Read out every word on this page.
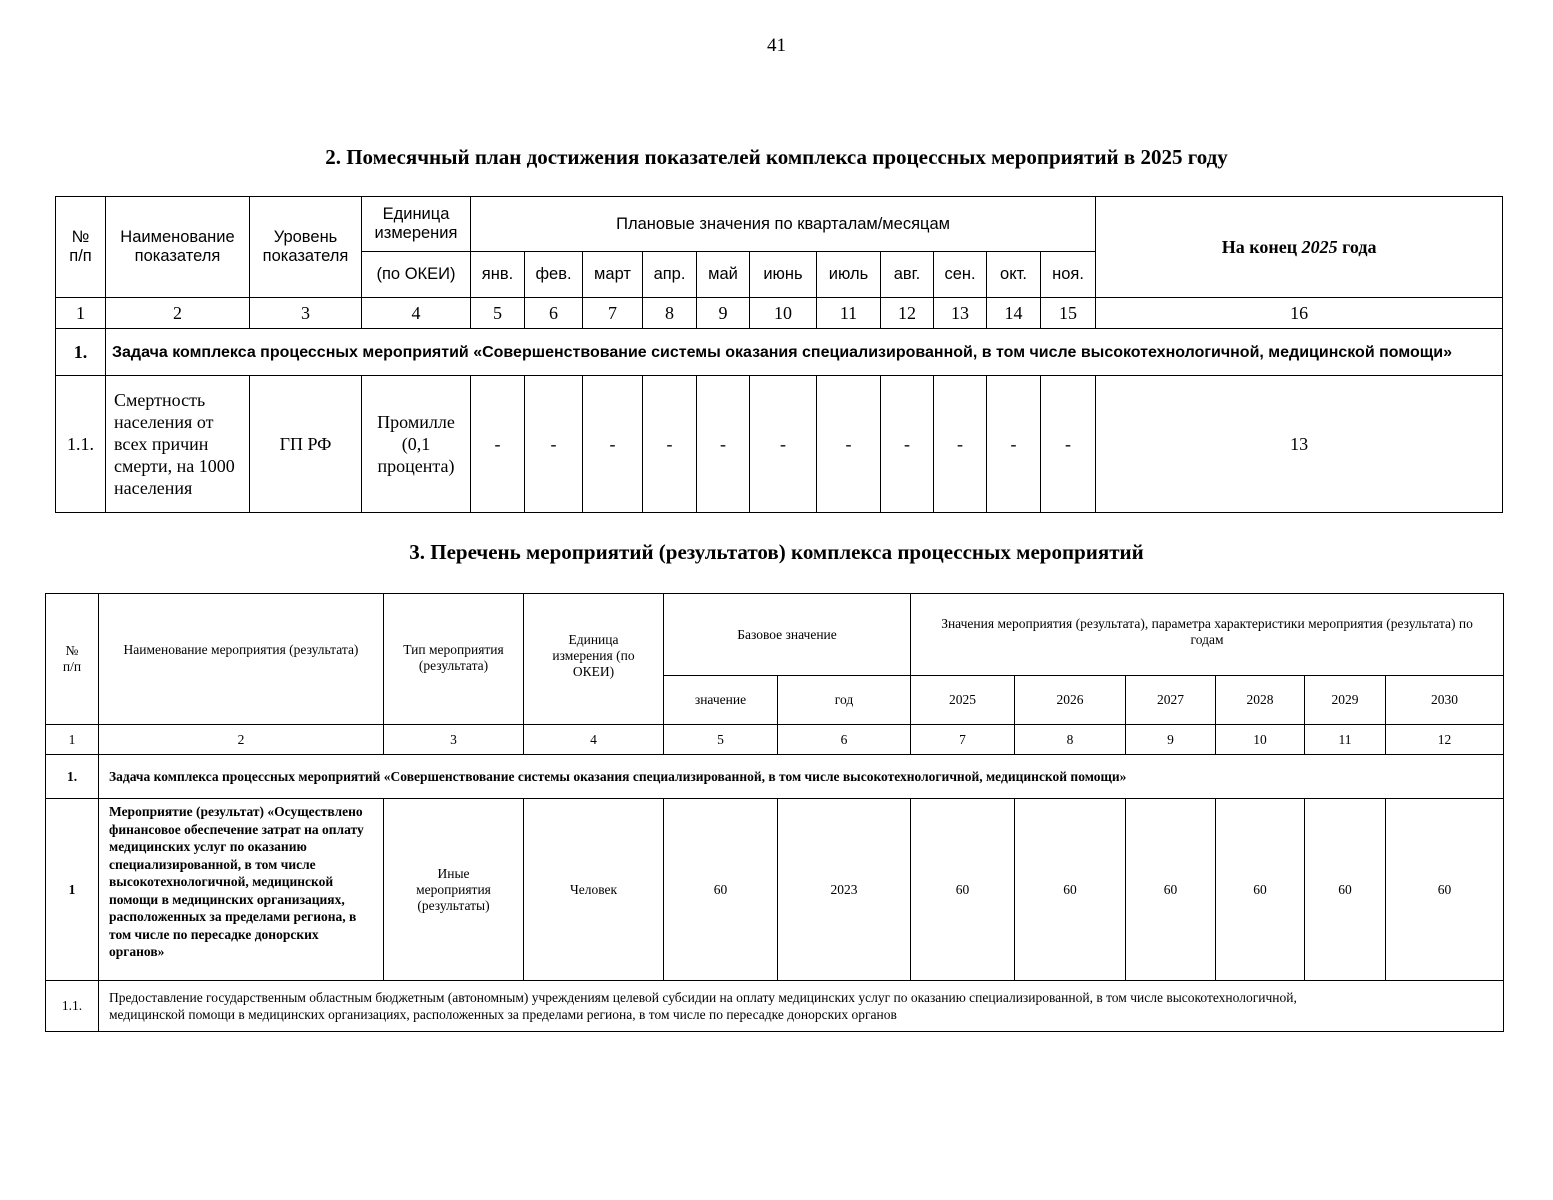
41
2. Помесячный план достижения показателей комплекса процессных мероприятий в 2025 году
№
п/п	Наименование показателя	Уровень показателя	Единица измерения	Плановые значения по кварталам/месяцам											На конец 2025 года
			(по ОКЕИ)	янв.	фев.	март	апр.	май	июнь	июль	авг.	сен.	окт.	ноя.	
1	2	3	4	5	6	7	8	9	10	11	12	13	14	15	16
1.	Задача комплекса процессных мероприятий «Совершенствование системы оказания специализированной, в том числе высокотехнологичной, медицинской помощи»														
1.1.	Смертность населения от всех причин смерти, на 1000 населения	ГП РФ	Промилле (0,1 процента)	-	-	-	-	-	-	-	-	-	-	-	13
3. Перечень мероприятий (результатов) комплекса процессных мероприятий
№
п/п	Наименование мероприятия (результата)	Тип мероприятия (результата)	Единица измерения (по ОКЕИ)	Базовое значение		Значения мероприятия (результата), параметра характеристики мероприятия (результата) по годам					
				значение	год	2025	2026	2027	2028	2029	2030
1	2	3	4	5	6	7	8	9	10	11	12
1.	Задача комплекса процессных мероприятий «Совершенствование системы оказания специализированной, в том числе высокотехнологичной, медицинской помощи»										
1	Мероприятие (результат) «Осуществлено финансовое обеспечение затрат на оплату медицинских услуг по оказанию специализированной, в том числе высокотехнологичной, медицинской помощи в медицинских организациях, расположенных за пределами региона, в том числе по пересадке донорских органов»	Иные мероприятия (результаты)	Человек	60	2023	60	60	60	60	60	60
1.1.	Предоставление государственным областным бюджетным (автономным) учреждениям целевой субсидии на оплату медицинских услуг по оказанию специализированной, в том числе высокотехнологичной, медицинской помощи в медицинских организациях, расположенных за пределами региона, в том числе по пересадке донорских органов										
